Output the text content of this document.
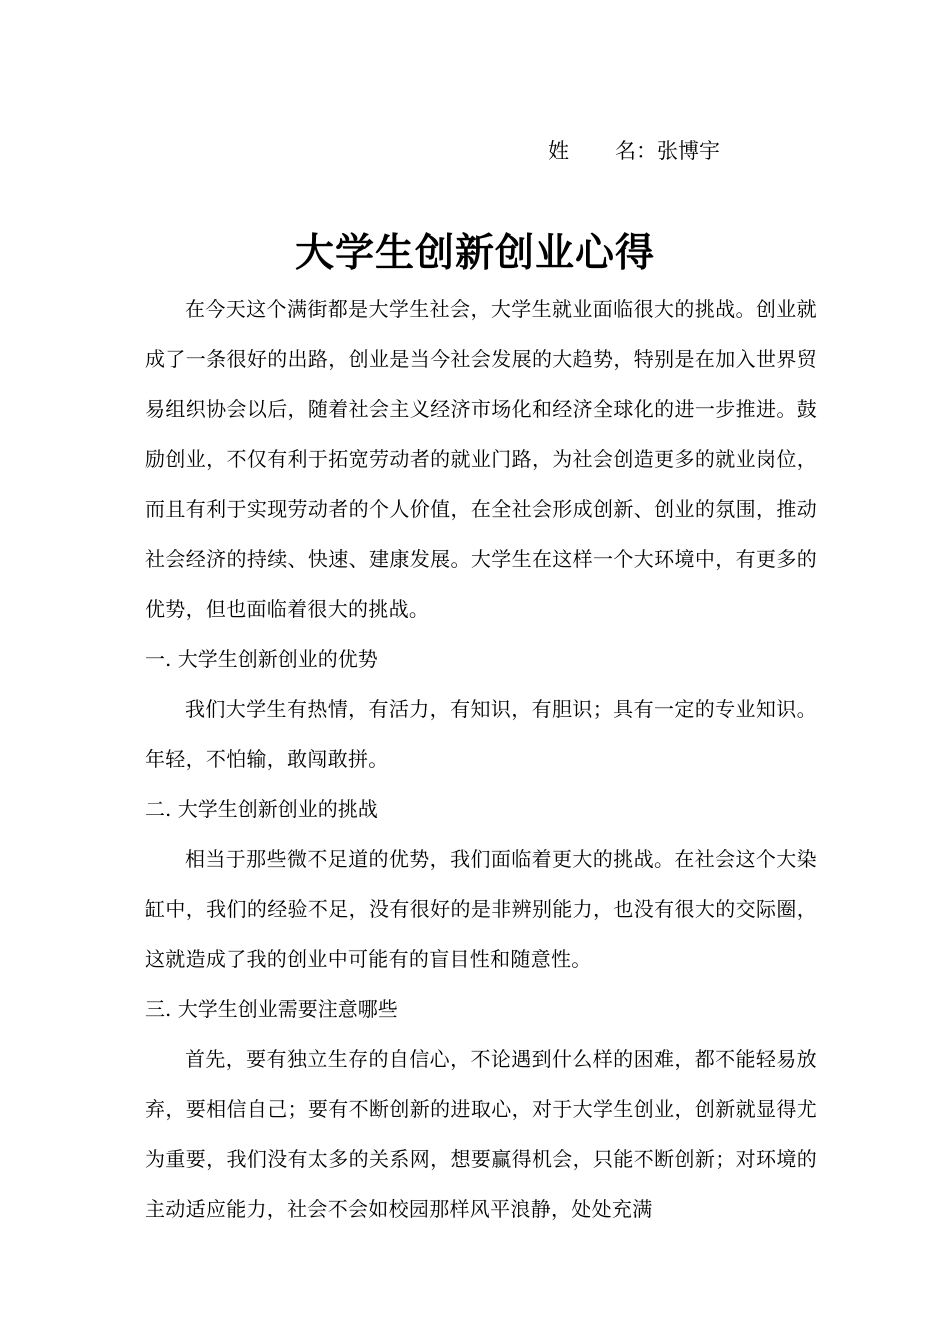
姓 名：张博宇
大学生创新创业心得

在今天这个满街都是大学生社会，大学生就业面临很大的挑战。创业就成了一条很好的出路，创业是当今社会发展的大趋势，特别是在加入世界贸易组织协会以后，随着社会主义经济市场化和经济全球化的进一步推进。鼓励创业，不仅有利于拓宽劳动者的就业门路，为社会创造更多的就业岗位，而且有利于实现劳动者的个人价值，在全社会形成创新、创业的氛围，推动社会经济的持续、快速、建康发展。大学生在这样一个大环境中，有更多的优势，但也面临着很大的挑战。

一. 大学生创新创业的优势

我们大学生有热情，有活力，有知识，有胆识；具有一定的专业知识。年轻，不怕输，敢闯敢拼。

二. 大学生创新创业的挑战

相当于那些微不足道的优势，我们面临着更大的挑战。在社会这个大染缸中，我们的经验不足，没有很好的是非辨别能力，也没有很大的交际圈，这就造成了我的创业中可能有的盲目性和随意性。

三. 大学生创业需要注意哪些

首先，要有独立生存的自信心，不论遇到什么样的困难，都不能轻易放弃，要相信自己；要有不断创新的进取心，对于大学生创业，创新就显得尤为重要，我们没有太多的关系网，想要赢得机会，只能不断创新；对环境的主动适应能力，社会不会如校园那样风平浪静，处处充满
